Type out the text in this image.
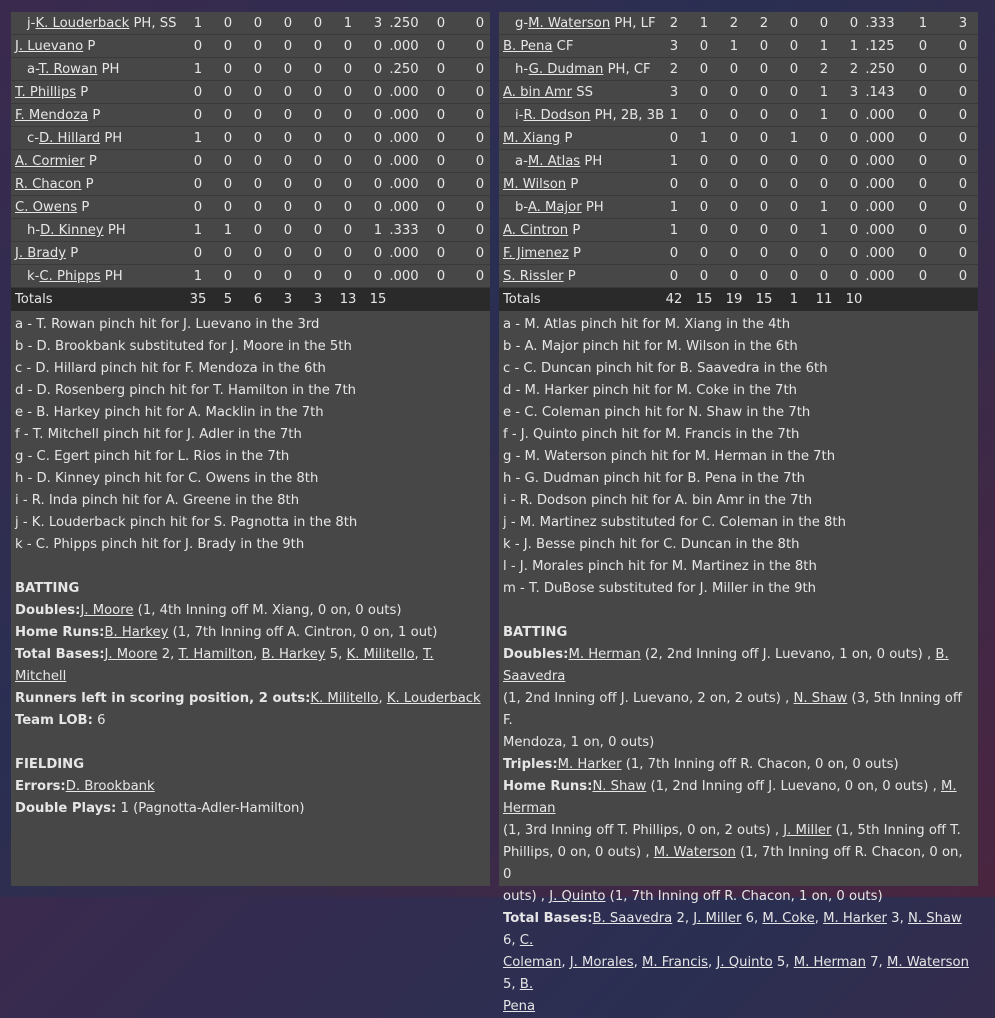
j-K. Louderback PH, SS	1	0	0	0	0	1	3 .250	0	0
J. Luevano P	0	0	0	0	0	0	0 .000	0	0
a-T. Rowan PH	1	0	0	0	0	0	0 .250	0	0
T. Phillips P	0	0	0	0	0	0	0 .000	0	0
F. Mendoza P	0	0	0	0	0	0	0 .000	0	0
c-D. Hillard PH	1	0	0	0	0	0	0 .000	0	0
A. Cormier P	0	0	0	0	0	0	0 .000	0	0
R. Chacon P	0	0	0	0	0	0	0 .000	0	0
C. Owens P	0	0	0	0	0	0	0 .000	0	0
h-D. Kinney PH	1	1	0	0	0	0	1 .333	0	0
J. Brady P	0	0	0	0	0	0	0 .000	0	0
k-C. Phipps PH	1	0	0	0	0	0	0 .000	0	0
Totals	35	5	6	3	3	13 15
a - T. Rowan pinch hit for J. Luevano in the 3rd
b - D. Brookbank substituted for J. Moore in the 5th
c - D. Hillard pinch hit for F. Mendoza in the 6th
d - D. Rosenberg pinch hit for T. Hamilton in the 7th
e - B. Harkey pinch hit for A. Macklin in the 7th
f - T. Mitchell pinch hit for J. Adler in the 7th
g - C. Egert pinch hit for L. Rios in the 7th
h - D. Kinney pinch hit for C. Owens in the 8th
i - R. Inda pinch hit for A. Greene in the 8th
j - K. Louderback pinch hit for S. Pagnotta in the 8th
k - C. Phipps pinch hit for J. Brady in the 9th
BATTING
Doubles:J. Moore (1, 4th Inning off M. Xiang, 0 on, 0 outs)
Home Runs:B. Harkey (1, 7th Inning off A. Cintron, 0 on, 1 out)
Total Bases:J. Moore 2, T. Hamilton, B. Harkey 5, K. Militello, T. Mitchell
Runners left in scoring position, 2 outs:K. Militello, K. Louderback
Team LOB: 6
FIELDING
Errors:D. Brookbank
Double Plays: 1 (Pagnotta-Adler-Hamilton)
g-M. Waterson PH, LF	2	1	2	2	0	0	0 .333	1	3
B. Pena CF	3	0	1	0	0	1	1 .125	0	0
h-G. Dudman PH, CF	2	0	0	0	0	2	2 .250	0	0
A. bin Amr SS	3	0	0	0	0	1	3 .143	0	0
i-R. Dodson PH, 2B, 3B 1	0	0	0	0	1	0 .000	0	0
M. Xiang P	0	1	0	0	1	0	0 .000	0	0
a-M. Atlas PH	1	0	0	0	0	0	0 .000	0	0
M. Wilson P	0	0	0	0	0	0	0 .000	0	0
b-A. Major PH	1	0	0	0	0	1	0 .000	0	0
A. Cintron P	1	0	0	0	0	1	0 .000	0	0
F. Jimenez P	0	0	0	0	0	0	0 .000	0	0
S. Rissler P	0	0	0	0	0	0	0 .000	0	0
Totals	42 15 19 15	1	11 10
a - M. Atlas pinch hit for M. Xiang in the 4th
b - A. Major pinch hit for M. Wilson in the 6th
c - C. Duncan pinch hit for B. Saavedra in the 6th
d - M. Harker pinch hit for M. Coke in the 7th
e - C. Coleman pinch hit for N. Shaw in the 7th
f - J. Quinto pinch hit for M. Francis in the 7th
g - M. Waterson pinch hit for M. Herman in the 7th
h - G. Dudman pinch hit for B. Pena in the 7th
i - R. Dodson pinch hit for A. bin Amr in the 7th
j - M. Martinez substituted for C. Coleman in the 8th
k - J. Besse pinch hit for C. Duncan in the 8th
l - J. Morales pinch hit for M. Martinez in the 8th
m - T. DuBose substituted for J. Miller in the 9th
BATTING
Doubles:M. Herman (2, 2nd Inning off J. Luevano, 1 on, 0 outs) , B. Saavedra
(1, 2nd Inning off J. Luevano, 2 on, 2 outs) , N. Shaw (3, 5th Inning off F.
Mendoza, 1 on, 0 outs)
Triples:M. Harker (1, 7th Inning off R. Chacon, 0 on, 0 outs)
Home Runs:N. Shaw (1, 2nd Inning off J. Luevano, 0 on, 0 outs) , M. Herman
(1, 3rd Inning off T. Phillips, 0 on, 2 outs) , J. Miller (1, 5th Inning off T.
Phillips, 0 on, 0 outs) , M. Waterson (1, 7th Inning off R. Chacon, 0 on, 0
outs) , J. Quinto (1, 7th Inning off R. Chacon, 1 on, 0 outs)
Total Bases:B. Saavedra 2, J. Miller 6, M. Coke, M. Harker 3, N. Shaw 6, C.
Coleman, J. Morales, M. Francis, J. Quinto 5, M. Herman 7, M. Waterson 5, B.
Pena
